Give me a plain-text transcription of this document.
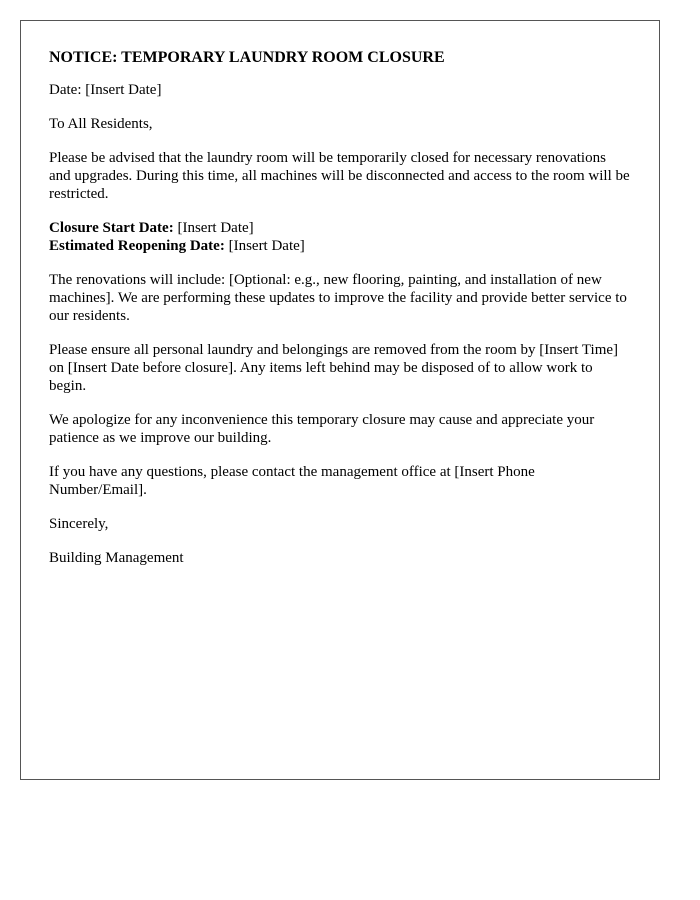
NOTICE: TEMPORARY LAUNDRY ROOM CLOSURE

Date: [Insert Date]

To All Residents,

Please be advised that the laundry room will be temporarily closed for necessary renovations and upgrades. During this time, all machines will be disconnected and access to the room will be restricted.

Closure Start Date: [Insert Date]

Estimated Reopening Date: [Insert Date]

The renovations will include: [Optional: e.g., new flooring, painting, and installation of new machines]. We are performing these updates to improve the facility and provide better service to our residents.

Please ensure all personal laundry and belongings are removed from the room by [Insert Time] on [Insert Date before closure]. Any items left behind may be disposed of to allow work to begin.

We apologize for any inconvenience this temporary closure may cause and appreciate your patience as we improve our building.

If you have any questions, please contact the management office at [Insert Phone Number/Email].

Sincerely,

Building Management
